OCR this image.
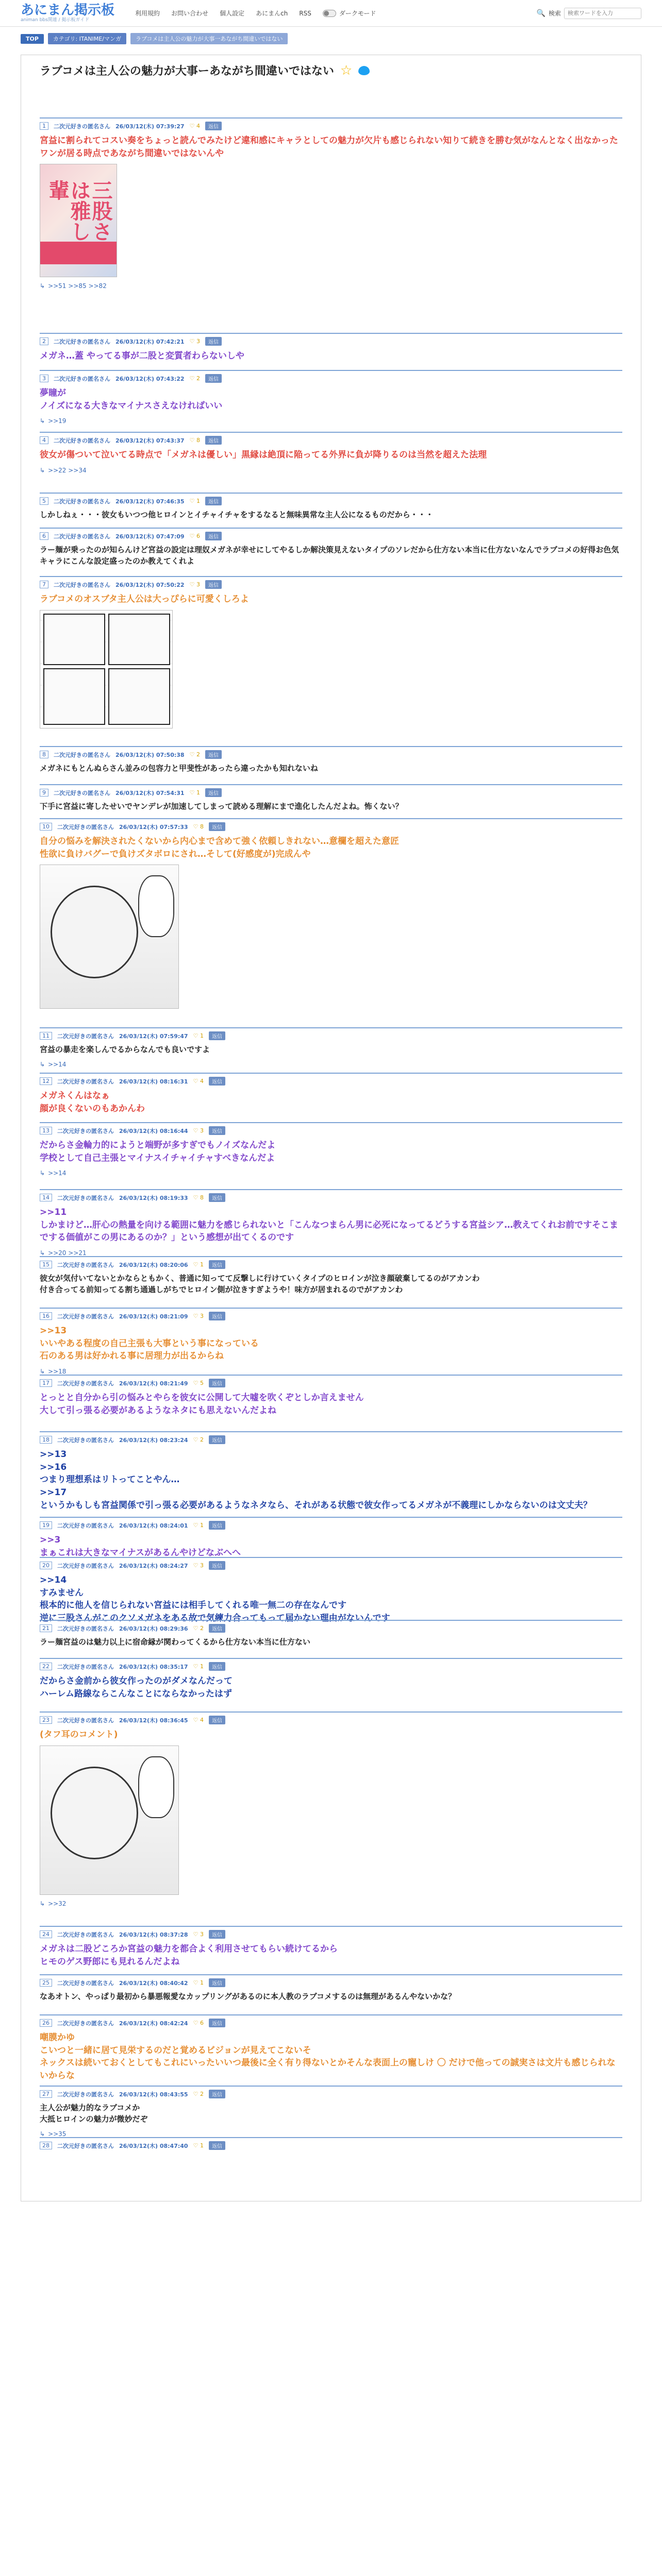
あにまん掲示板
animan bbs関連 / 掲示板ガイド
利用規約 お問い合わせ 個人設定 あにまんch RSS	ダークモード	🔍 検索
検索ワードを入力
TOP	カテゴリ: ITANIME/マンガ	ラブコメは主人公の魅力が大事一あながち間違いではない
ラブコメは主人公の魅力が大事ーあながち間違いではない ☆
1	二次元好きの匿名さん 26/03/12(木) 07:39:27 ♡ 4	返信
宮益に割られてコスい奏をちょっと読んでみたけど違和感にキャラとしての魅力が欠片も感じられない知りて続きを勝む気がなんとなく出なかったワンが居る時点であながち間違いではないんや
三股さんは雅し先輩
↳ >>51 >>85 >>82
2	二次元好きの匿名さん 26/03/12(木) 07:42:21 ♡ 3	返信
メガネ…蓋 やってる事が二股と変質者わらないしや
3	二次元好きの匿名さん 26/03/12(木) 07:43:22 ♡ 2	返信
夢瞳が
ノイズになる大きなマイナスさえなければいい
↳ >>19
4	二次元好きの匿名さん 26/03/12(木) 07:43:37 ♡ 8	返信
彼女が傷ついて泣いてる時点で「メガネは優しい」黒縁は絶頂に陥ってる外界に負が降りるのは当然を超えた法理
↳ >>22 >>34
5	二次元好きの匿名さん 26/03/12(木) 07:46:35 ♡ 1	返信
しかしねぇ・・・彼女もいつつ他ヒロインとイチャイチャをするなると無味異常な主人公になるものだから・・・
6	二次元好きの匿名さん 26/03/12(木) 07:47:09 ♡ 6	返信
ラー麺が乗ったのが知らんけど宮益の設定は理奴メガネが幸せにしてやるしか解決策見えないタイプのソレだから仕方ない本当に仕方ないなんでラブコメの好得お色気キャラにこんな設定盛ったのか教えてくれよ
7	二次元好きの匿名さん 26/03/12(木) 07:50:22 ♡ 3	返信
ラブコメのオスブタ主人公は大っぴらに可愛くしろよ
8	二次元好きの匿名さん 26/03/12(木) 07:50:38 ♡ 2	返信
メガネにもとんぬらさん並みの包容力と甲斐性があったら違ったかも知れないね
9	二次元好きの匿名さん 26/03/12(木) 07:54:31 ♡ 1	返信
下手に宮益に寄したせいでヤンデレが加速してしまって読める理解にまで進化したんだよね。怖くない？
10	二次元好きの匿名さん 26/03/12(木) 07:57:33 ♡ 8	返信
自分の悩みを解決されたくないから内心まで含めて強く依頼しきれない…意欄を超えた意匠
性欲に負けバグーで負けズタボロにされ…そして(好感度が)完成んや
11	二次元好きの匿名さん 26/03/12(木) 07:59:47 ♡ 1	返信
宮益の暴走を楽しんでるからなんでも良いですよ
↳ >>14
12	二次元好きの匿名さん 26/03/12(木) 08:16:31 ♡ 4	返信
メガネくんはなぁ
顔が良くないのもあかんわ
13	二次元好きの匿名さん 26/03/12(木) 08:16:44 ♡ 3	返信
だからさ金輪力的にようと端野が多すぎでもノイズなんだよ
学校として自己主張とマイナスイチャイチャすべきなんだよ
↳ >>14
14	二次元好きの匿名さん 26/03/12(木) 08:19:33 ♡ 8	返信
>>11
しかまけど…肝心の熱量を向ける範囲に魅力を感じられないと「こんなつまらん男に必死になってるどうする宮益シア…教えてくれお前ですそこまでする価値がこの男にあるのか？」という感想が出てくるのです
↳ >>20 >>21
15	二次元好きの匿名さん 26/03/12(木) 08:20:06 ♡ 1	返信
彼女が気付いてないとかならともかく、普通に知ってて反撃しに行けていくタイプのヒロインが泣き顔破棄してるのがアカンわ
付き合ってる前知ってる割ち通過しがちでヒロイン側が泣きすぎようや！味方が居まれるのでがアカンわ
16	二次元好きの匿名さん 26/03/12(木) 08:21:09 ♡ 3	返信
>>13
いいやある程度の自己主張も大事という事になっている
石のある男は好かれる事に居理力が出るからね
↳ >>18
17	二次元好きの匿名さん 26/03/12(木) 08:21:49 ♡ 5	返信
とっとと自分から引の悩みとやらを彼女に公開して大嘘を吹くぞとしか言えません
大して引っ張る必要があるようなネタにも思えないんだよね
18	二次元好きの匿名さん 26/03/12(木) 08:23:24 ♡ 2	返信
>>13
>>16
つまり理想系はリトってことやん…
>>17
というかもしも宮益関係で引っ張る必要があるようなネタなら、それがある状態で彼女作ってるメガネが不義理にしかならないのは文丈夫？
19	二次元好きの匿名さん 26/03/12(木) 08:24:01 ♡ 1	返信
>>3
まぁこれは大きなマイナスがあるんやけどなぶへへ
20	二次元好きの匿名さん 26/03/12(木) 08:24:27 ♡ 3	返信
>>14
すみません
根本的に他人を信じられない宮益には相手してくれる唯一無二の存在なんです
逆に三股さんがこのクソメガネをある故で気練力合ってもって届かない理由がないんです
21	二次元好きの匿名さん 26/03/12(木) 08:29:36 ♡ 2	返信
ラー麺宮益のは魅力以上に宿命縁が関わってくるから仕方ない本当に仕方ない
22	二次元好きの匿名さん 26/03/12(木) 08:35:17 ♡ 1	返信
だからさ金前から彼女作ったのがダメなんだって
ハーレム路線ならこんなことにならなかったはず
23	二次元好きの匿名さん 26/03/12(木) 08:36:45 ♡ 4	返信
(タフ耳のコメント)
↳ >>32
24	二次元好きの匿名さん 26/03/12(木) 08:37:28 ♡ 3	返信
メガネは二股どころか宮益の魅力を都合よく利用させてもらい続けてるから
ヒモのゲス野郎にも見れるんだよね
25	二次元好きの匿名さん 26/03/12(木) 08:40:42 ♡ 1	返信
なあオトン、やっぱり最初から暴悪報愛なカップリングがあるのに本人教のラブコメするのは無理があるんやないかな？
26	二次元好きの匿名さん 26/03/12(木) 08:42:24 ♡ 6	返信
嘲膜かゆ
こいつと一緒に居て見栄するのだと覚めるビジョンが見えてこないそ
ネックスは続いておくとしてもこれにいったいいつ最後に全く有り得ないとかそんな表面上の寵しけ 〇 だけで他っての誠実さは文片も感じられないからな
27	二次元好きの匿名さん 26/03/12(木) 08:43:55 ♡ 2	返信
主人公が魅力的なラブコメか
大抵ヒロインの魅力が微妙だぞ
↳ >>35
28	二次元好きの匿名さん 26/03/12(木) 08:47:40 ♡ 1	返信
